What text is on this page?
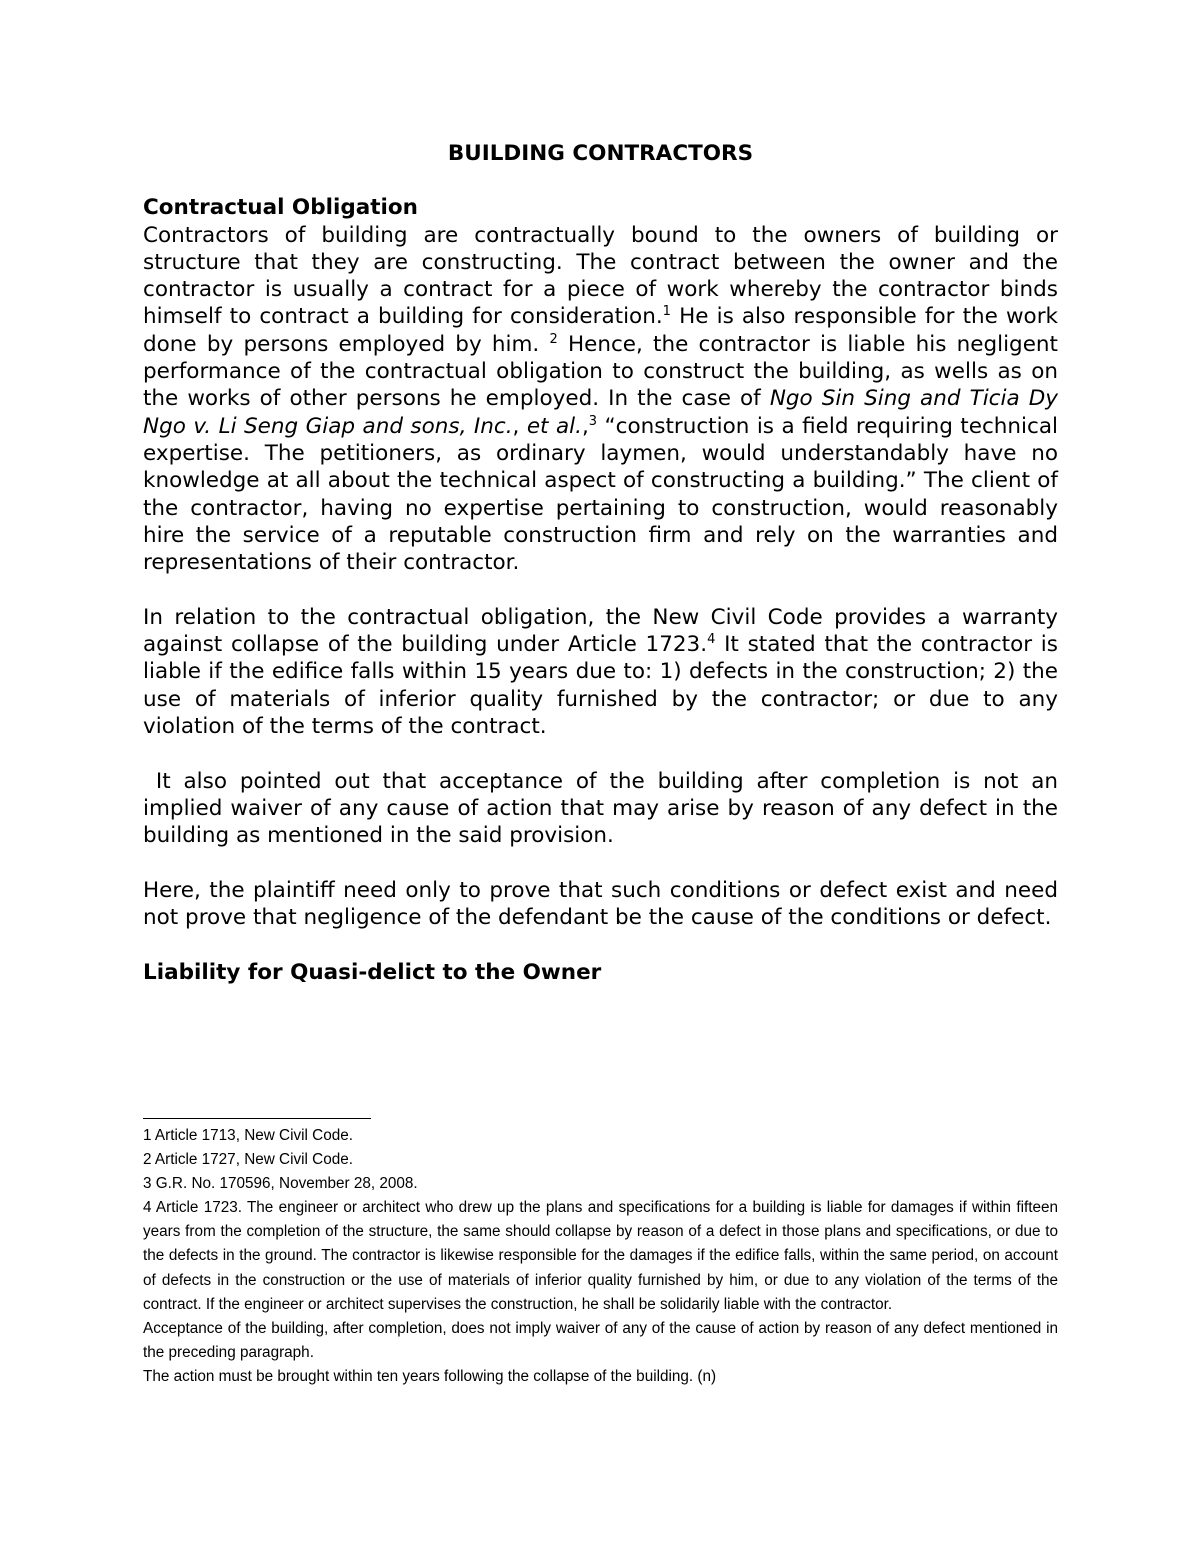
BUILDING CONTRACTORS
Contractual Obligation

Contractors of building are contractually bound to the owners of building or structure that they are constructing. The contract between the owner and the contractor is usually a contract for a piece of work whereby the contractor binds himself to contract a building for consideration.$^1$ He is also responsible for the work done by persons employed by him. $^2$ Hence, the contractor is liable his negligent performance of the contractual obligation to construct the building, as wells as on the works of other persons he employed. In the case of Ngo Sin Sing and Ticia Dy Ngo v. Li Seng Giap and sons, Inc., et al.,$^3$ “construction is a field requiring technical expertise. The petitioners, as ordinary laymen, would understandably have no knowledge at all about the technical aspect of constructing a building.” The client of the contractor, having no expertise pertaining to construction, would reasonably hire the service of a reputable construction firm and rely on the warranties and representations of their contractor.

In relation to the contractual obligation, the New Civil Code provides a warranty against collapse of the building under Article 1723.$^4$ It stated that the contractor is liable if the edifice falls within 15 years due to: 1) defects in the construction; 2) the use of materials of inferior quality furnished by the contractor; or due to any violation of the terms of the contract.

It also pointed out that acceptance of the building after completion is not an implied waiver of any cause of action that may arise by reason of any defect in the building as mentioned in the said provision.

Here, the plaintiff need only to prove that such conditions or defect exist and need not prove that negligence of the defendant be the cause of the conditions or defect.

Liability for Quasi-delict to the Owner

1 Article 1713, New Civil Code.

2 Article 1727, New Civil Code.

3 G.R. No. 170596, November 28, 2008.

4 Article 1723. The engineer or architect who drew up the plans and specifications for a building is liable for damages if within fifteen years from the completion of the structure, the same should collapse by reason of a defect in those plans and specifications, or due to the defects in the ground. The contractor is likewise responsible for the damages if the edifice falls, within the same period, on account of defects in the construction or the use of materials of inferior quality furnished by him, or due to any violation of the terms of the contract. If the engineer or architect supervises the construction, he shall be solidarily liable with the contractor.

Acceptance of the building, after completion, does not imply waiver of any of the cause of action by reason of any defect mentioned in the preceding paragraph.

The action must be brought within ten years following the collapse of the building. (n)
